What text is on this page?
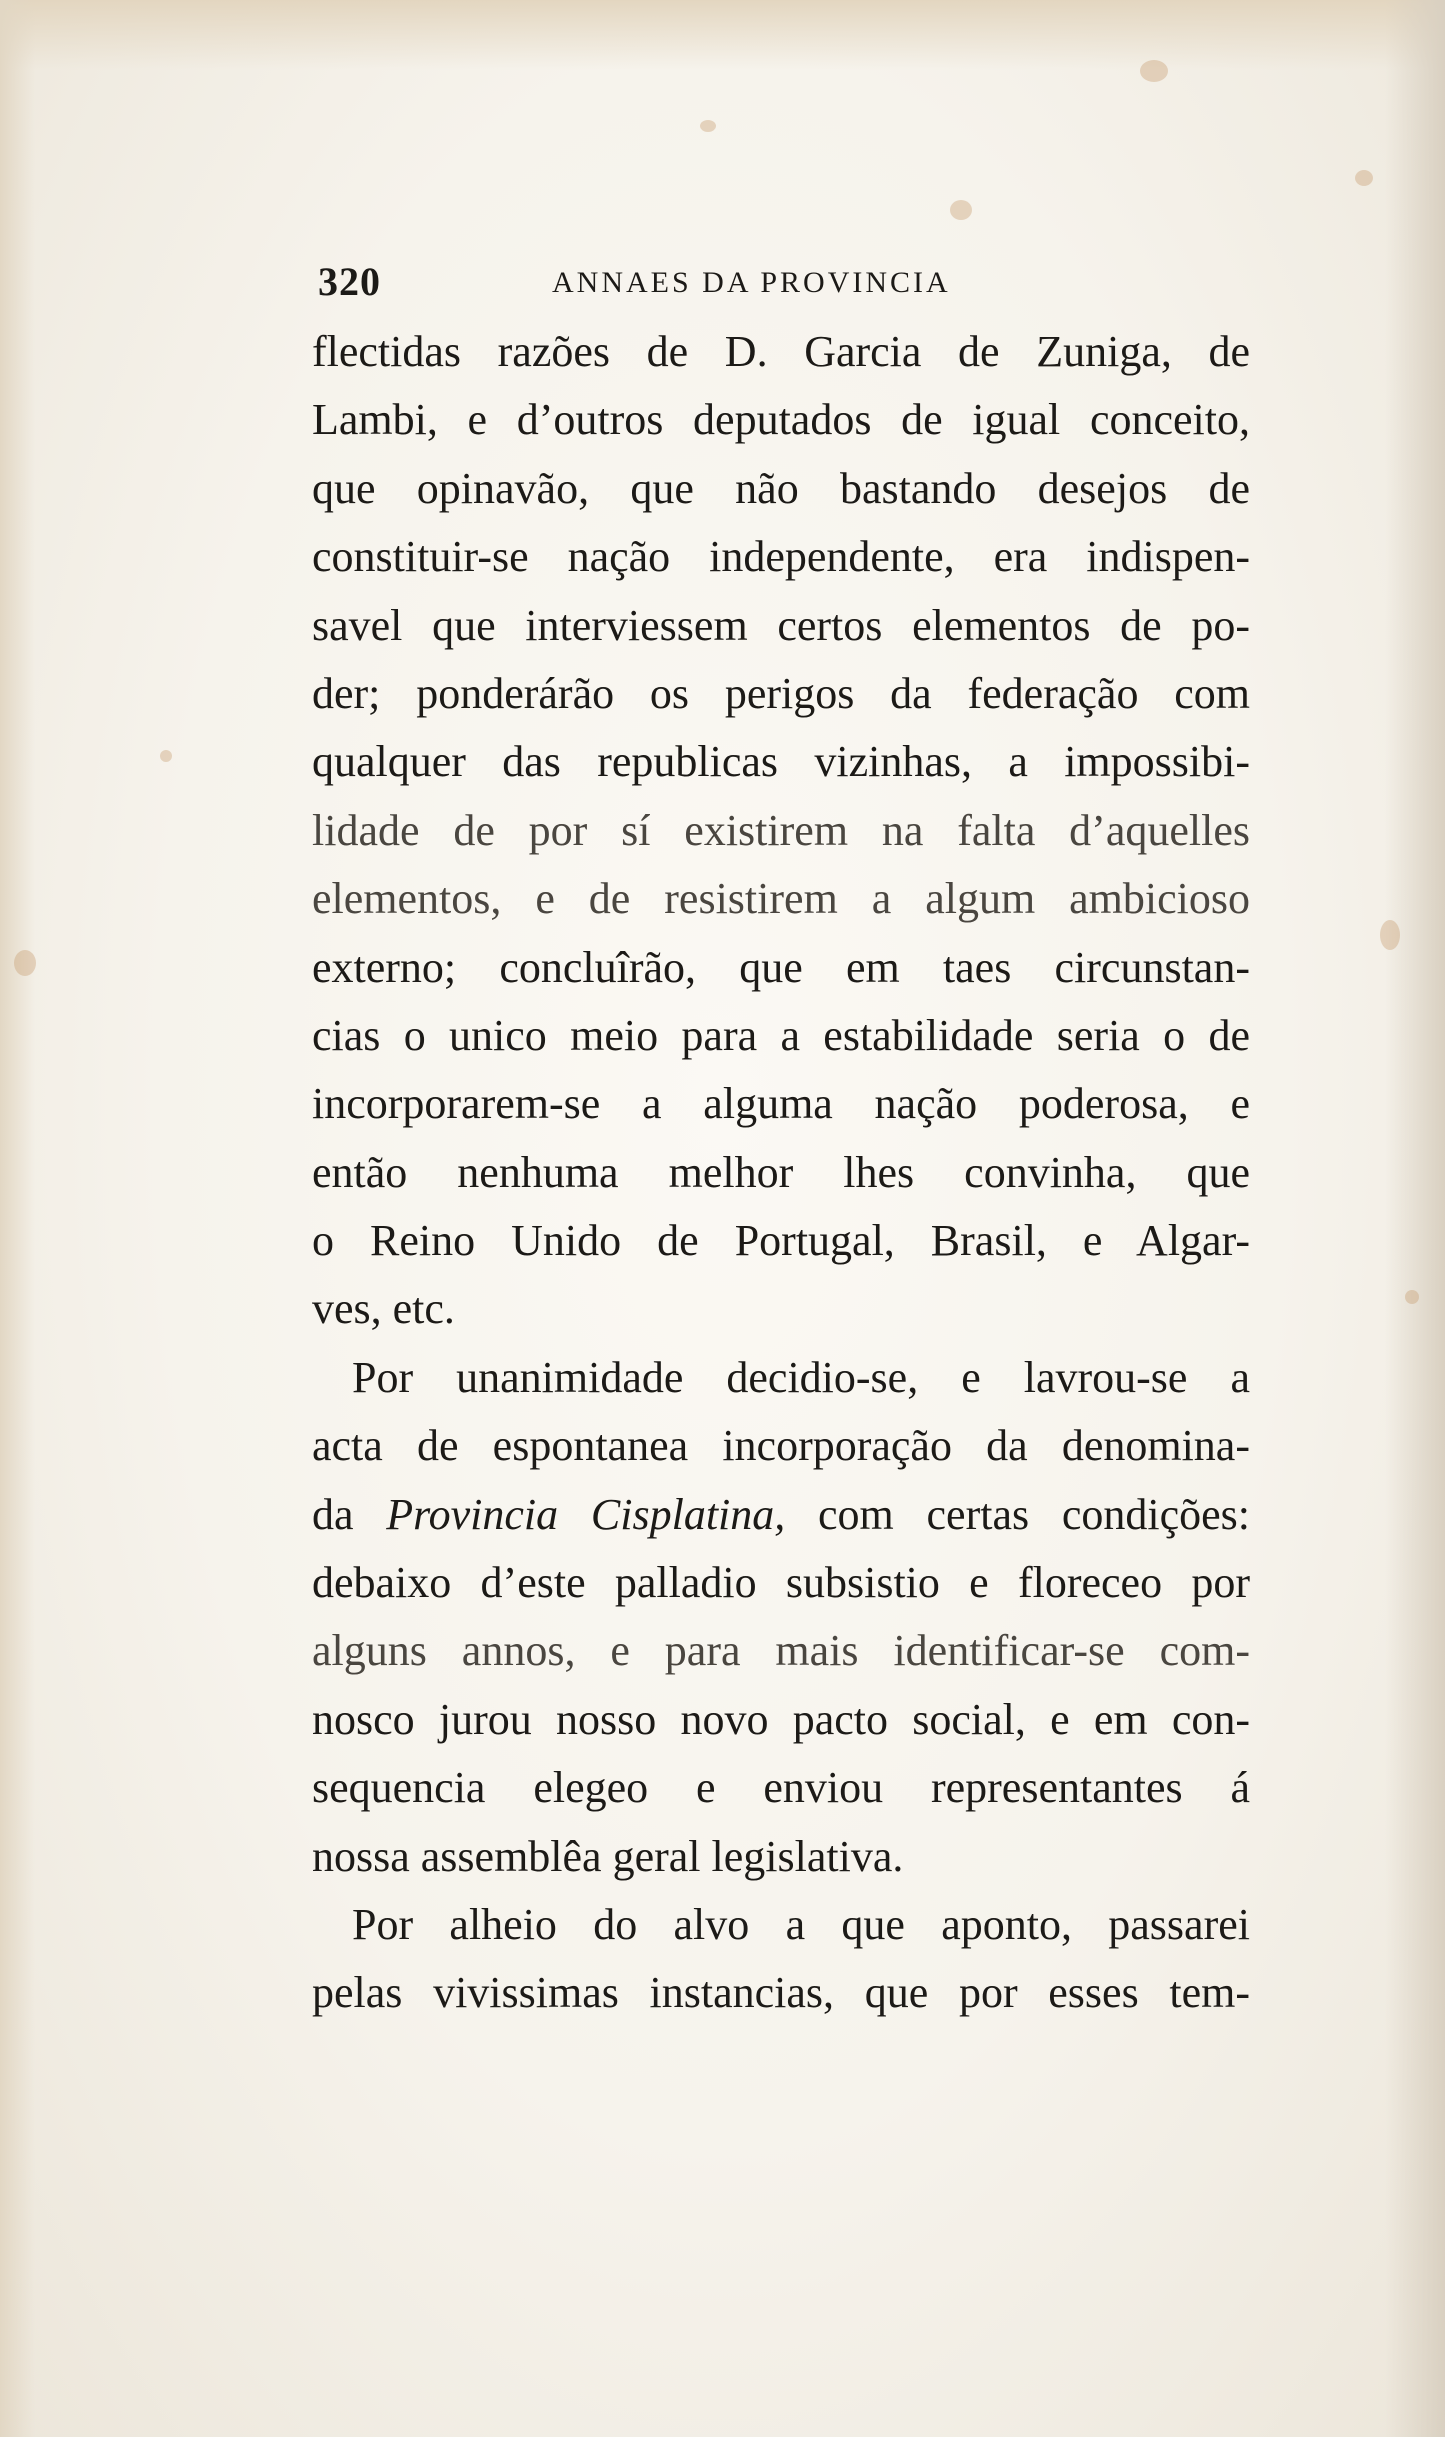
320	ANNAES DA PROVINCIA
flectidas razões de D. Garcia de Zuniga, de
Lambi, e d’outros deputados de igual conceito,
que opinavão, que não bastando desejos de
constituir-se nação independente, era indispen-
savel que interviessem certos elementos de po-
der; ponderárão os perigos da federação com
qualquer das republicas vizinhas, a impossibi-
lidade de por sí existirem na falta d’aquelles
elementos, e de resistirem a algum ambicioso
externo; concluîrão, que em taes circunstan-
cias o unico meio para a estabilidade seria o de
incorporarem-se a alguma nação poderosa, e
então nenhuma melhor lhes convinha, que
o Reino Unido de Portugal, Brasil, e Algar-
ves, etc.
Por unanimidade decidio-se, e lavrou-se a
acta de espontanea incorporação da denomina-
da Provincia Cisplatina, com certas condições:
debaixo d’este palladio subsistio e floreceo por
alguns annos, e para mais identificar-se com-
nosco jurou nosso novo pacto social, e em con-
sequencia elegeo e enviou representantes á
nossa assemblêa geral legislativa.
Por alheio do alvo a que aponto, passarei
pelas vivissimas instancias, que por esses tem-
